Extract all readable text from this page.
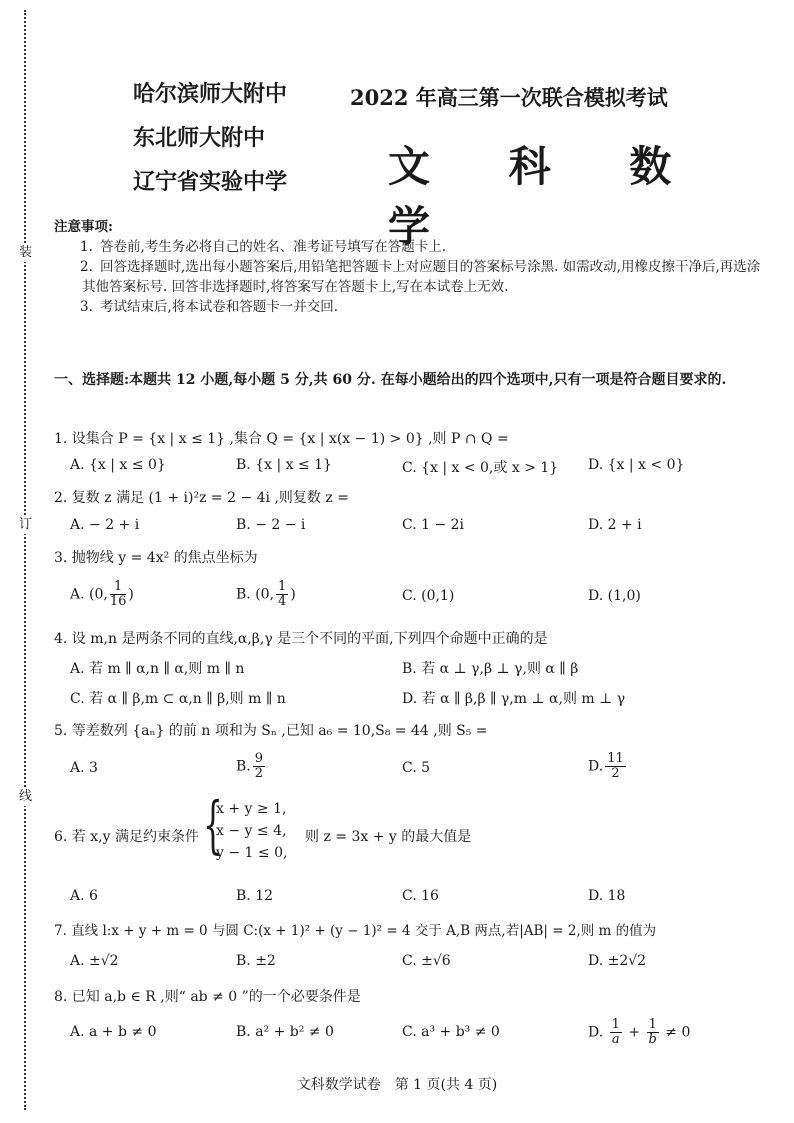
装
订
线
哈尔滨师大附中
东北师大附中
辽宁省实验中学
2022 年高三第一次联合模拟考试
文 科 数 学
注意事项:
1. 答卷前,考生务必将自己的姓名、准考证号填写在答题卡上.
2. 回答选择题时,选出每小题答案后,用铅笔把答题卡上对应题目的答案标号涂黑. 如需改动,用橡皮擦干净后,再选涂其他答案标号. 回答非选择题时,将答案写在答题卡上,写在本试卷上无效.
3. 考试结束后,将本试卷和答题卡一并交回.
一、选择题:本题共 12 小题,每小题 5 分,共 60 分. 在每小题给出的四个选项中,只有一项是符合题目要求的.
1. 设集合 P = {x | x ≤ 1} ,集合 Q = {x | x(x − 1) > 0} ,则 P ∩ Q =
A. {x | x ≤ 0}	B. {x | x ≤ 1}	C. {x | x < 0,或 x > 1} D. {x | x < 0}
2. 复数 z 满足 (1 + i)²z = 2 − 4i ,则复数 z =
A. − 2 + i	B. − 2 − i	C. 1 − 2i	D. 2 + i
3. 抛物线 y = 4x² 的焦点坐标为
A. (0, $\frac{1}{16}$ )	B. (0, $\frac{1}{4}$ )	C. (0,1)	D. (1,0)
4. 设 m,n 是两条不同的直线,α,β,γ 是三个不同的平面,下列四个命题中正确的是
A. 若 m ∥ α,n ∥ α,则 m ∥ n	B. 若 α ⊥ γ,β ⊥ γ,则 α ∥ β
C. 若 α ∥ β,m ⊂ α,n ∥ β,则 m ∥ n	D. 若 α ∥ β,β ∥ γ,m ⊥ α,则 m ⊥ γ
5. 等差数列 {aₙ} 的前 n 项和为 Sₙ ,已知 a₆ = 10,S₈ = 44 ,则 S₅ =
A. 3	B. $\frac{9}{2}$	C. 5	D. $\frac{11}{2}$
6. 若 x,y 满足约束条件 {
x + y ≥ 1,
x − y ≤ 4,
y − 1 ≤ 0,
则 z = 3x + y 的最大值是
A. 6	B. 12	C. 16	D. 18
7. 直线 l:x + y + m = 0 与圆 C:(x + 1)² + (y − 1)² = 4 交于 A,B 两点,若|AB| = 2,则 m 的值为
A. ±√2	B. ±2	C. ±√6	D. ±2√2
8. 已知 a,b ∈ R ,则“ ab ≠ 0 ”的一个必要条件是
A. a + b ≠ 0	B. a² + b² ≠ 0	C. a³ + b³ ≠ 0	D. $\frac{1}{a} + \frac{1}{b} \ne 0$
文科数学试卷　第 1 页(共 4 页)
